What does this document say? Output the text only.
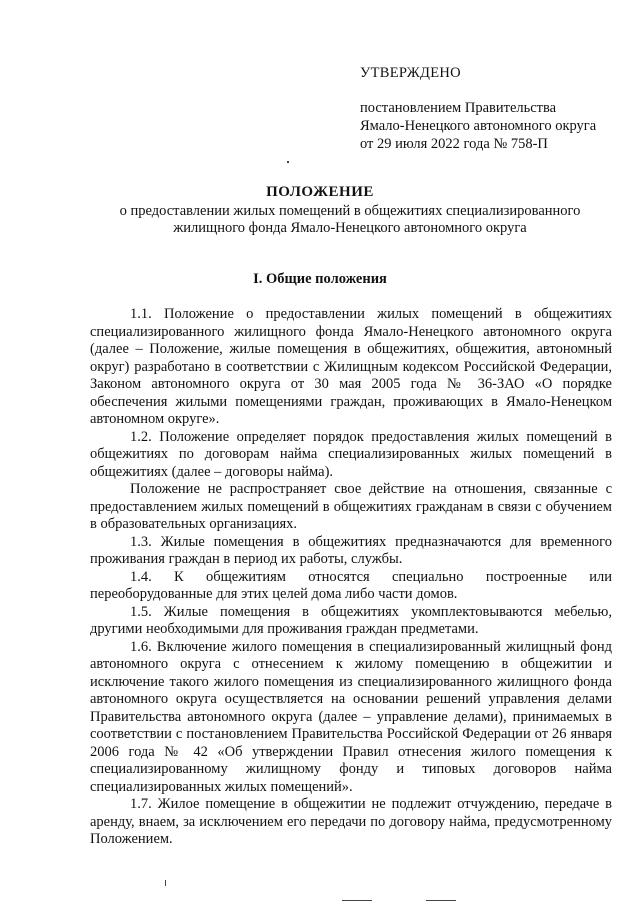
УТВЕРЖДЕНО
постановлением Правительства
Ямало-Ненецкого автономного округа
от 29 июля 2022 года № 758-П
ПОЛОЖЕНИЕ
о предоставлении жилых помещений в общежитиях специализированного
жилищного фонда Ямало-Ненецкого автономного округа
I. Общие положения

1.1. Положение о предоставлении жилых помещений в общежитиях специализированного жилищного фонда Ямало-Ненецкого автономного округа (далее – Положение, жилые помещения в общежитиях, общежития, автономный округ) разработано в соответствии с Жилищным кодексом Российской Федерации, Законом автономного округа от 30 мая 2005 года № 36-ЗАО «О порядке обеспечения жилыми помещениями граждан, проживающих в Ямало-Ненецком автономном округе».

1.2. Положение определяет порядок предоставления жилых помещений в общежитиях по договорам найма специализированных жилых помещений в общежитиях (далее – договоры найма).

Положение не распространяет свое действие на отношения, связанные с предоставлением жилых помещений в общежитиях гражданам в связи с обучением в образовательных организациях.

1.3. Жилые помещения в общежитиях предназначаются для временного проживания граждан в период их работы, службы.

1.4. К общежитиям относятся специально построенные или переоборудованные для этих целей дома либо части домов.

1.5. Жилые помещения в общежитиях укомплектовываются мебелью, другими необходимыми для проживания граждан предметами.

1.6. Включение жилого помещения в специализированный жилищный фонд автономного округа с отнесением к жилому помещению в общежитии и исключение такого жилого помещения из специализированного жилищного фонда автономного округа осуществляется на основании решений управления делами Правительства автономного округа (далее – управление делами), принимаемых в соответствии с постановлением Правительства Российской Федерации от 26 января 2006 года № 42 «Об утверждении Правил отнесения жилого помещения к специализированному жилищному фонду и типовых договоров найма специализированных жилых помещений».

1.7. Жилое помещение в общежитии не подлежит отчуждению, передаче в аренду, внаем, за исключением его передачи по договору найма, предусмотренному Положением.
